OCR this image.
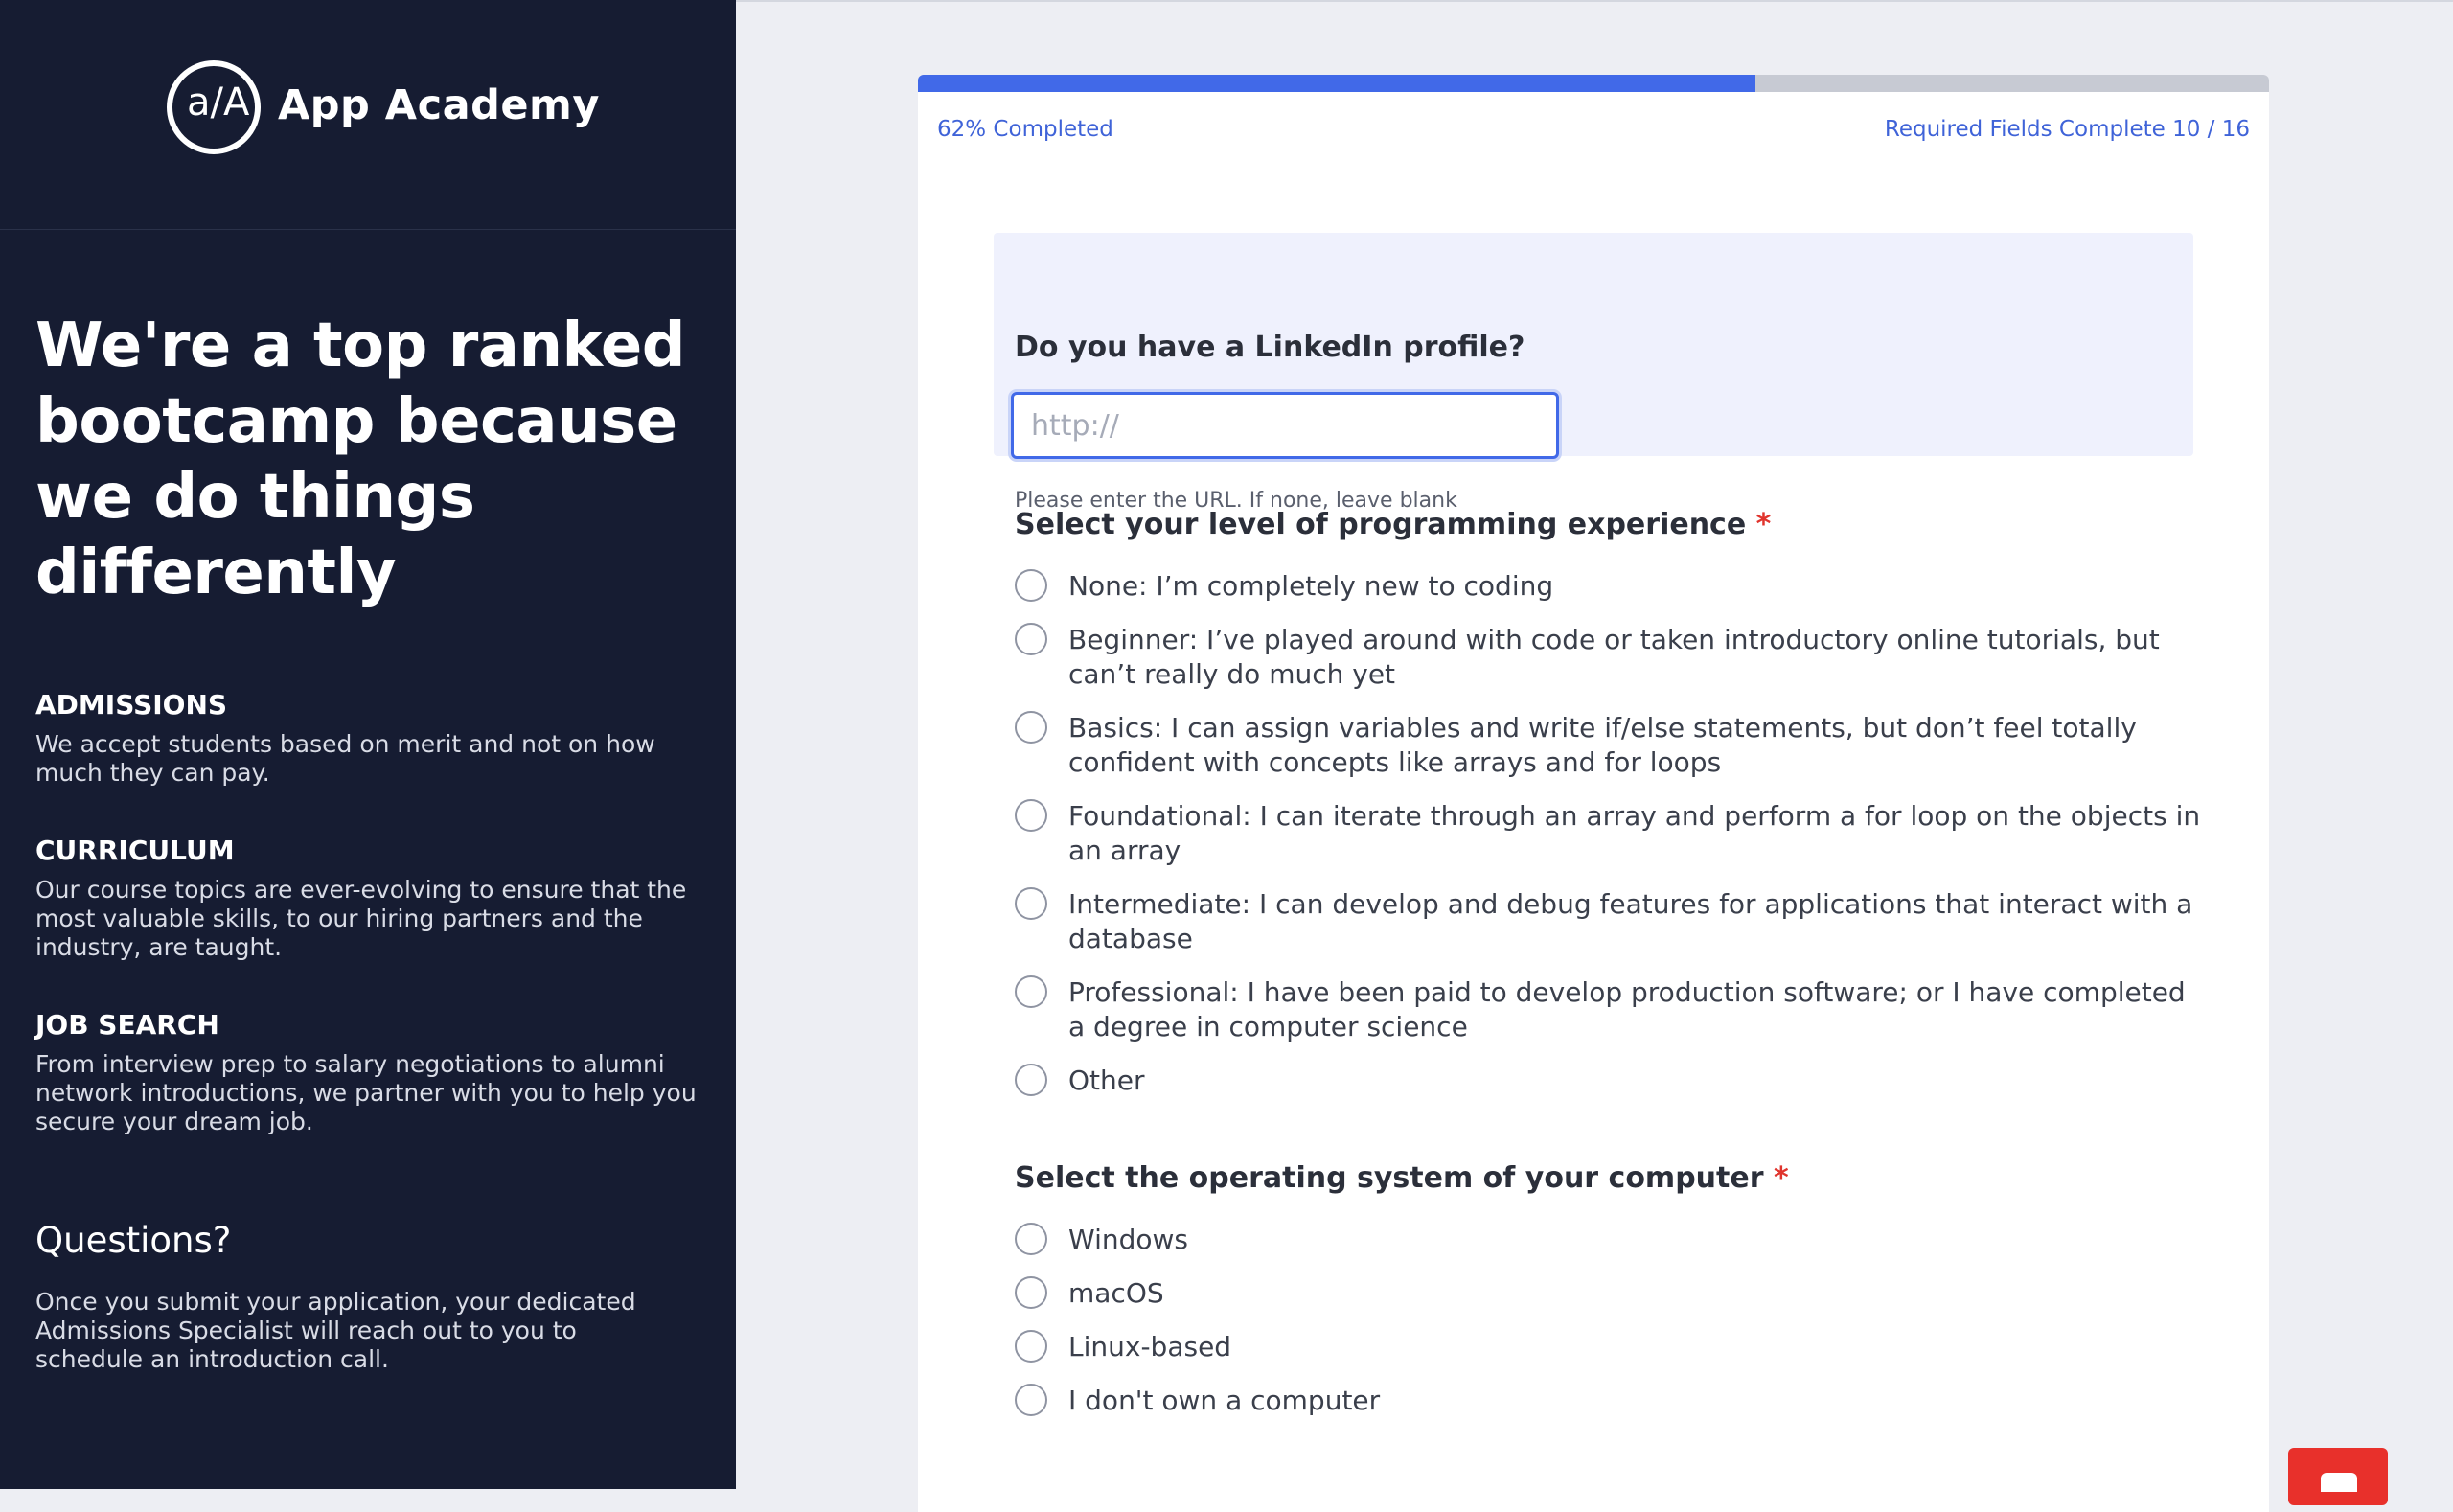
a/A App Academy
We're a top ranked bootcamp because we do things differently
ADMISSIONS
We accept students based on merit and not on how much they can pay.
CURRICULUM
Our course topics are ever-evolving to ensure that the most valuable skills, to our hiring partners and the industry, are taught.
JOB SEARCH
From interview prep to salary negotiations to alumni network introductions, we partner with you to help you secure your dream job.
Questions?
Once you submit your application, your dedicated Admissions Specialist will reach out to you to schedule an introduction call.
62% Completed	Required Fields Complete 10 / 16
Do you have a LinkedIn profile?
http://
Please enter the URL. If none, leave blank
Select your level of programming experience *
None: I’m completely new to coding
Beginner: I’ve played around with code or taken introductory online tutorials, but can’t really do much yet
Basics: I can assign variables and write if/else statements, but don’t feel totally confident with concepts like arrays and for loops
Foundational: I can iterate through an array and perform a for loop on the objects in an array
Intermediate: I can develop and debug features for applications that interact with a database
Professional: I have been paid to develop production software; or I have completed a degree in computer science
Other
Select the operating system of your computer *
Windows
macOS
Linux-based
I don't own a computer
